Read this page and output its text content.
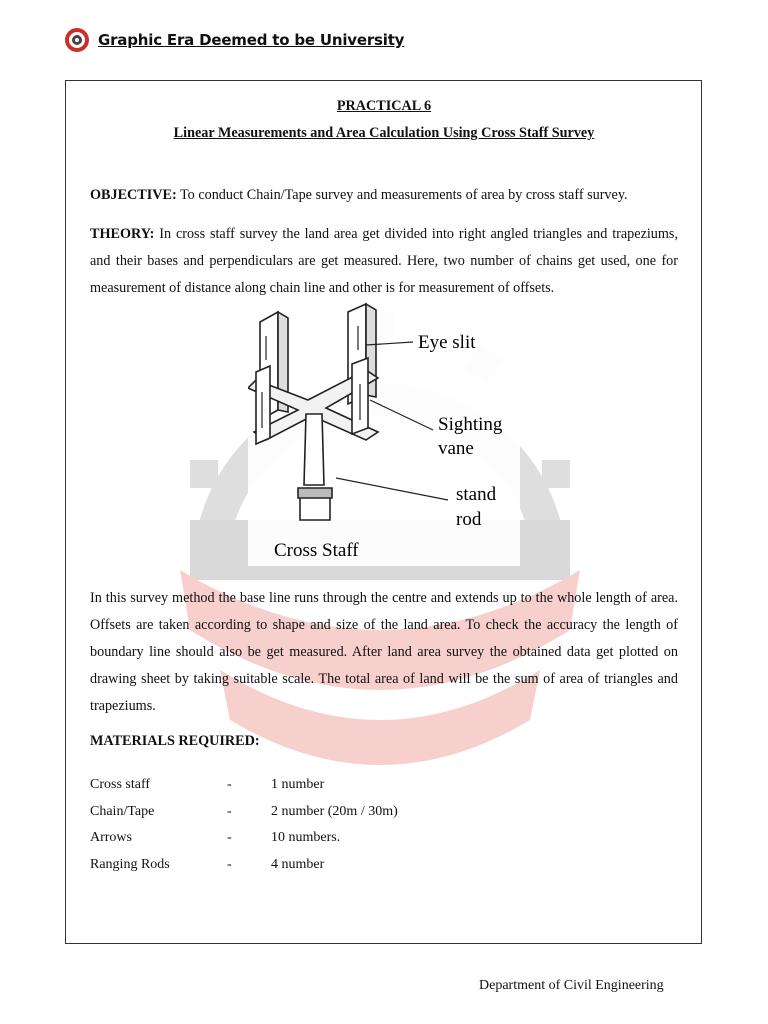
Graphic Era Deemed to be University
PRACTICAL 6
Linear Measurements and Area Calculation Using Cross Staff Survey

OBJECTIVE: To conduct Chain/Tape survey and measurements of area by cross staff survey.

THEORY: In cross staff survey the land area get divided into right angled triangles and trapeziums, and their bases and perpendiculars are get measured. Here, two number of chains get used, one for measurement of distance along chain line and other is for measurement of offsets.

Eye slit
Sighting
vane
stand
rod
Cross Staff

In this survey method the base line runs through the centre and extends up to the whole length of area. Offsets are taken according to shape and size of the land area. To check the accuracy the length of boundary line should also be get measured. After land area survey the obtained data get plotted on drawing sheet by taking suitable scale. The total area of land will be the sum of area of triangles and trapeziums.

MATERIALS REQUIRED:
Cross staff	-	1 number
Chain/Tape	-	2 number (20m / 30m)
Arrows	-	10 numbers.
Ranging Rods	-	4 number
Department of Civil Engineering
